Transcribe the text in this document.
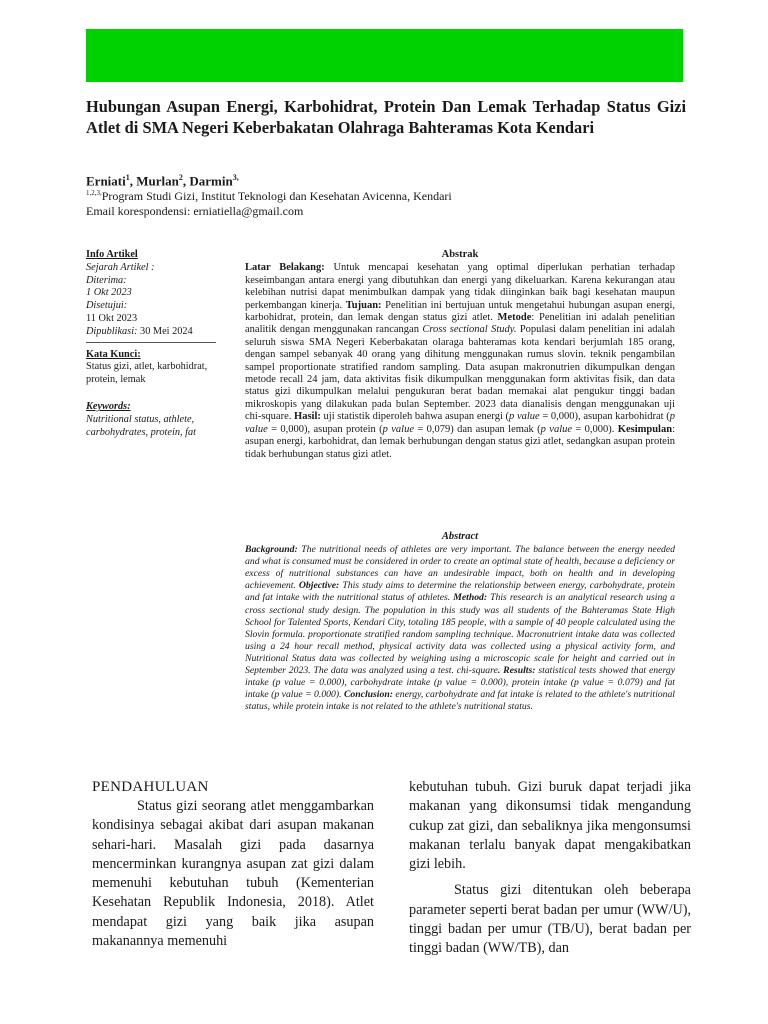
Hubungan Asupan Energi, Karbohidrat, Protein Dan Lemak Terhadap Status Gizi Atlet di SMA Negeri Keberbakatan Olahraga Bahteramas Kota Kendari
Erniati$^1$, Murlan$^2$, Darmin$^{3,}$
$^{1,2,3,}$Program Studi Gizi, Institut Teknologi dan Kesehatan Avicenna, Kendari
Email korespondensi: erniatiella@gmail.com
Info Artikel
Sejarah Artikel :
Diterima:
1 Okt 2023
Disetujui:
11 Okt 2023
Dipublikasi: 30 Mei 2024
Kata Kunci:
Status gizi, atlet, karbohidrat, protein, lemak
Keywords:
Nutritional status, athlete, carbohydrates, protein, fat
Abstrak

Latar Belakang: Untuk mencapai kesehatan yang optimal diperlukan perhatian terhadap keseimbangan antara energi yang dibutuhkan dan energi yang dikeluarkan. Karena kekurangan atau kelebihan nutrisi dapat menimbulkan dampak yang tidak diinginkan baik bagi kesehatan maupun perkembangan kinerja. Tujuan: Penelitian ini bertujuan untuk mengetahui hubungan asupan energi, karbohidrat, protein, dan lemak dengan status gizi atlet. Metode: Penelitian ini adalah penelitian analitik dengan menggunakan rancangan Cross sectional Study. Populasi dalam penelitian ini adalah seluruh siswa SMA Negeri Keberbakatan olaraga bahteramas kota kendari berjumlah 185 orang, dengan sampel sebanyak 40 orang yang dihitung menggunakan rumus slovin. teknik pengambilan sampel proportionate stratified random sampling. Data asupan makronutrien dikumpulkan dengan metode recall 24 jam, data aktivitas fisik dikumpulkan menggunakan form aktivitas fisik, dan data status gizi dikumpulkan melalui pengukuran berat badan memakai alat pengukur tinggi badan mikroskopis yang dilakukan pada bulan September. 2023 data dianalisis dengan menggunakan uji chi-square. Hasil: uji statistik diperoleh bahwa asupan energi (p value = 0,000), asupan karbohidrat (p value = 0,000), asupan protein (p value = 0,079) dan asupan lemak (p value = 0,000). Kesimpulan: asupan energi, karbohidrat, dan lemak berhubungan dengan status gizi atlet, sedangkan asupan protein tidak berhubungan status gizi atlet.

Abstract

Background: The nutritional needs of athletes are very important. The balance between the energy needed and what is consumed must be considered in order to create an optimal state of health, because a deficiency or excess of nutritional substances can have an undesirable impact, both on health and in developing achievement. Objective: This study aims to determine the relationship between energy, carbohydrate, protein and fat intake with the nutritional status of athletes. Method: This research is an analytical research using a cross sectional study design. The population in this study was all students of the Bahteramas State High School for Talented Sports, Kendari City, totaling 185 people, with a sample of 40 people calculated using the Slovin formula. proportionate stratified random sampling technique. Macronutrient intake data was collected using a 24 hour recall method, physical activity data was collected using a physical activity form, and Nutritional Status data was collected by weighing using a microscopic scale for height and carried out in September 2023. The data was analyzed using a test. chi-square. Results: statistical tests showed that energy intake (p value = 0.000), carbohydrate intake (p value = 0.000), protein intake (p value = 0.079) and fat intake (p value = 0.000). Conclusion: energy, carbohydrate and fat intake is related to the athlete's nutritional status, while protein intake is not related to the athlete's nutritional status.

PENDAHULUAN

Status gizi seorang atlet menggambarkan kondisinya sebagai akibat dari asupan makanan sehari-hari. Masalah gizi pada dasarnya mencerminkan kurangnya asupan zat gizi dalam memenuhi kebutuhan tubuh (Kementerian Kesehatan Republik Indonesia, 2018). Atlet mendapat gizi yang baik jika asupan makanannya memenuhi

kebutuhan tubuh. Gizi buruk dapat terjadi jika makanan yang dikonsumsi tidak mengandung cukup zat gizi, dan sebaliknya jika mengonsumsi makanan terlalu banyak dapat mengakibatkan gizi lebih.

Status gizi ditentukan oleh beberapa parameter seperti berat badan per umur (WW/U), tinggi badan per umur (TB/U), berat badan per tinggi badan (WW/TB), dan
